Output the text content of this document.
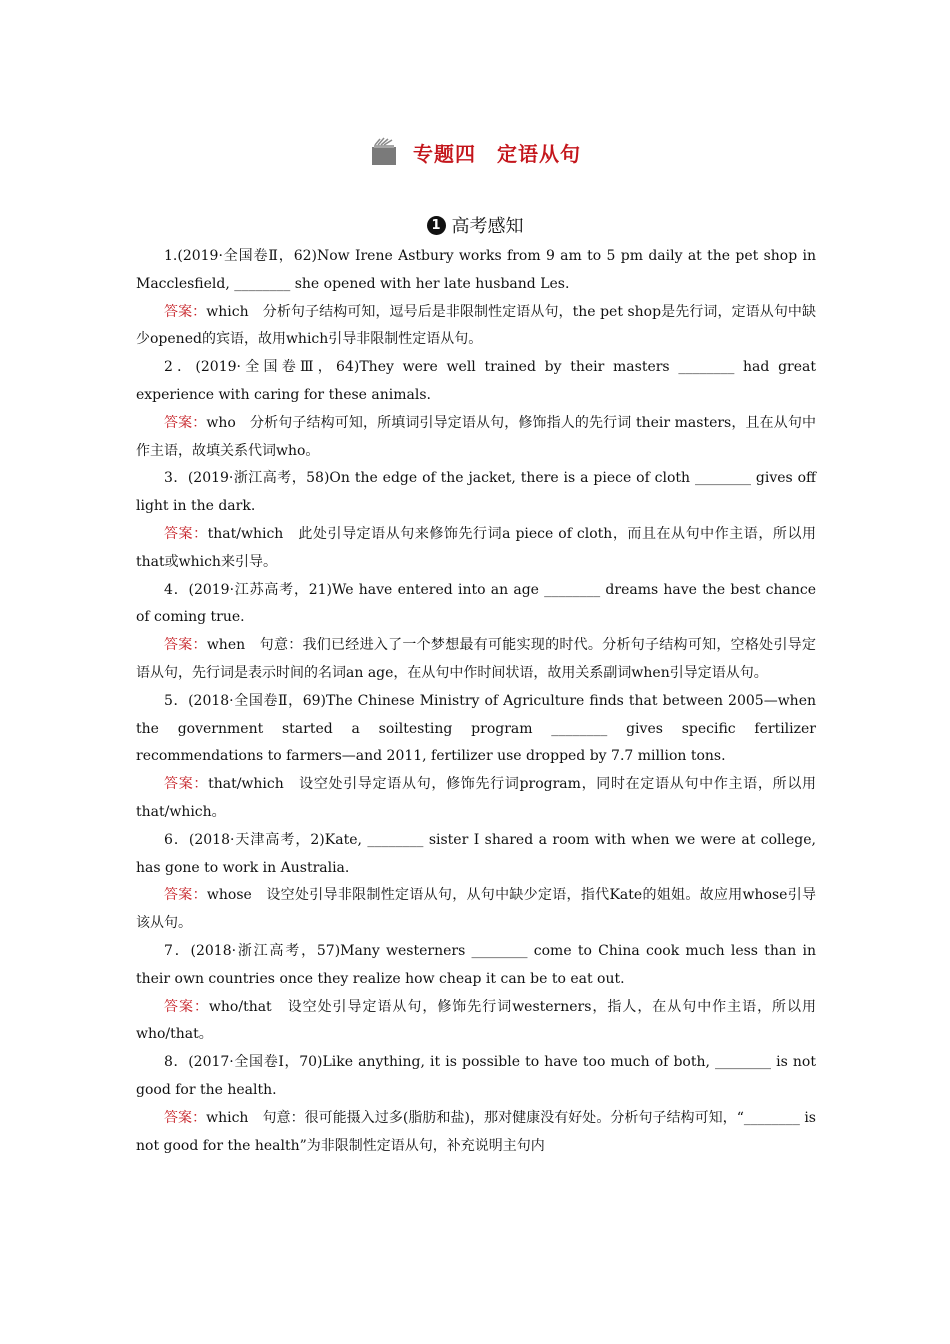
专题四　定语从句
1 高考感知

1.(2019·全国卷Ⅱ，62)Now Irene Astbury works from 9 am to 5 pm daily at the pet shop in Macclesfield, ________ she opened with her late husband Les.

答案：which　分析句子结构可知，逗号后是非限制性定语从句，the pet shop是先行词，定语从句中缺少opened的宾语，故用which引导非限制性定语从句。

2．(2019·全国卷Ⅲ，64)They were well trained by their masters ________ had great experience with caring for these animals.

答案：who　分析句子结构可知，所填词引导定语从句，修饰指人的先行词 their masters，且在从句中作主语，故填关系代词who。

3．(2019·浙江高考，58)On the edge of the jacket, there is a piece of cloth ________ gives off light in the dark.

答案：that/which　此处引导定语从句来修饰先行词a piece of cloth，而且在从句中作主语，所以用that或which来引导。

4．(2019·江苏高考，21)We have entered into an age ________ dreams have the best chance of coming true.

答案：when　句意：我们已经进入了一个梦想最有可能实现的时代。分析句子结构可知，空格处引导定语从句，先行词是表示时间的名词an age，在从句中作时间状语，故用关系副词when引导定语从句。

5．(2018·全国卷Ⅱ，69)The Chinese Ministry of Agriculture finds that between 2005—when the government started a soiltesting program ________ gives specific fertilizer recommendations to farmers—and 2011, fertilizer use dropped by 7.7 million tons.

答案：that/which　设空处引导定语从句，修饰先行词program，同时在定语从句中作主语，所以用that/which。

6．(2018·天津高考，2)Kate, ________ sister I shared a room with when we were at college, has gone to work in Australia.

答案：whose　设空处引导非限制性定语从句，从句中缺少定语，指代Kate的姐姐。故应用whose引导该从句。

7．(2018·浙江高考，57)Many westerners ________ come to China cook much less than in their own countries once they realize how cheap it can be to eat out.

答案：who/that　设空处引导定语从句，修饰先行词westerners，指人，在从句中作主语，所以用who/that。

8．(2017·全国卷Ⅰ，70)Like anything, it is possible to have too much of both, ________ is not good for the health.

答案：which　句意：很可能摄入过多(脂肪和盐)，那对健康没有好处。分析句子结构可知，“________ is not good for the health”为非限制性定语从句，补充说明主句内
